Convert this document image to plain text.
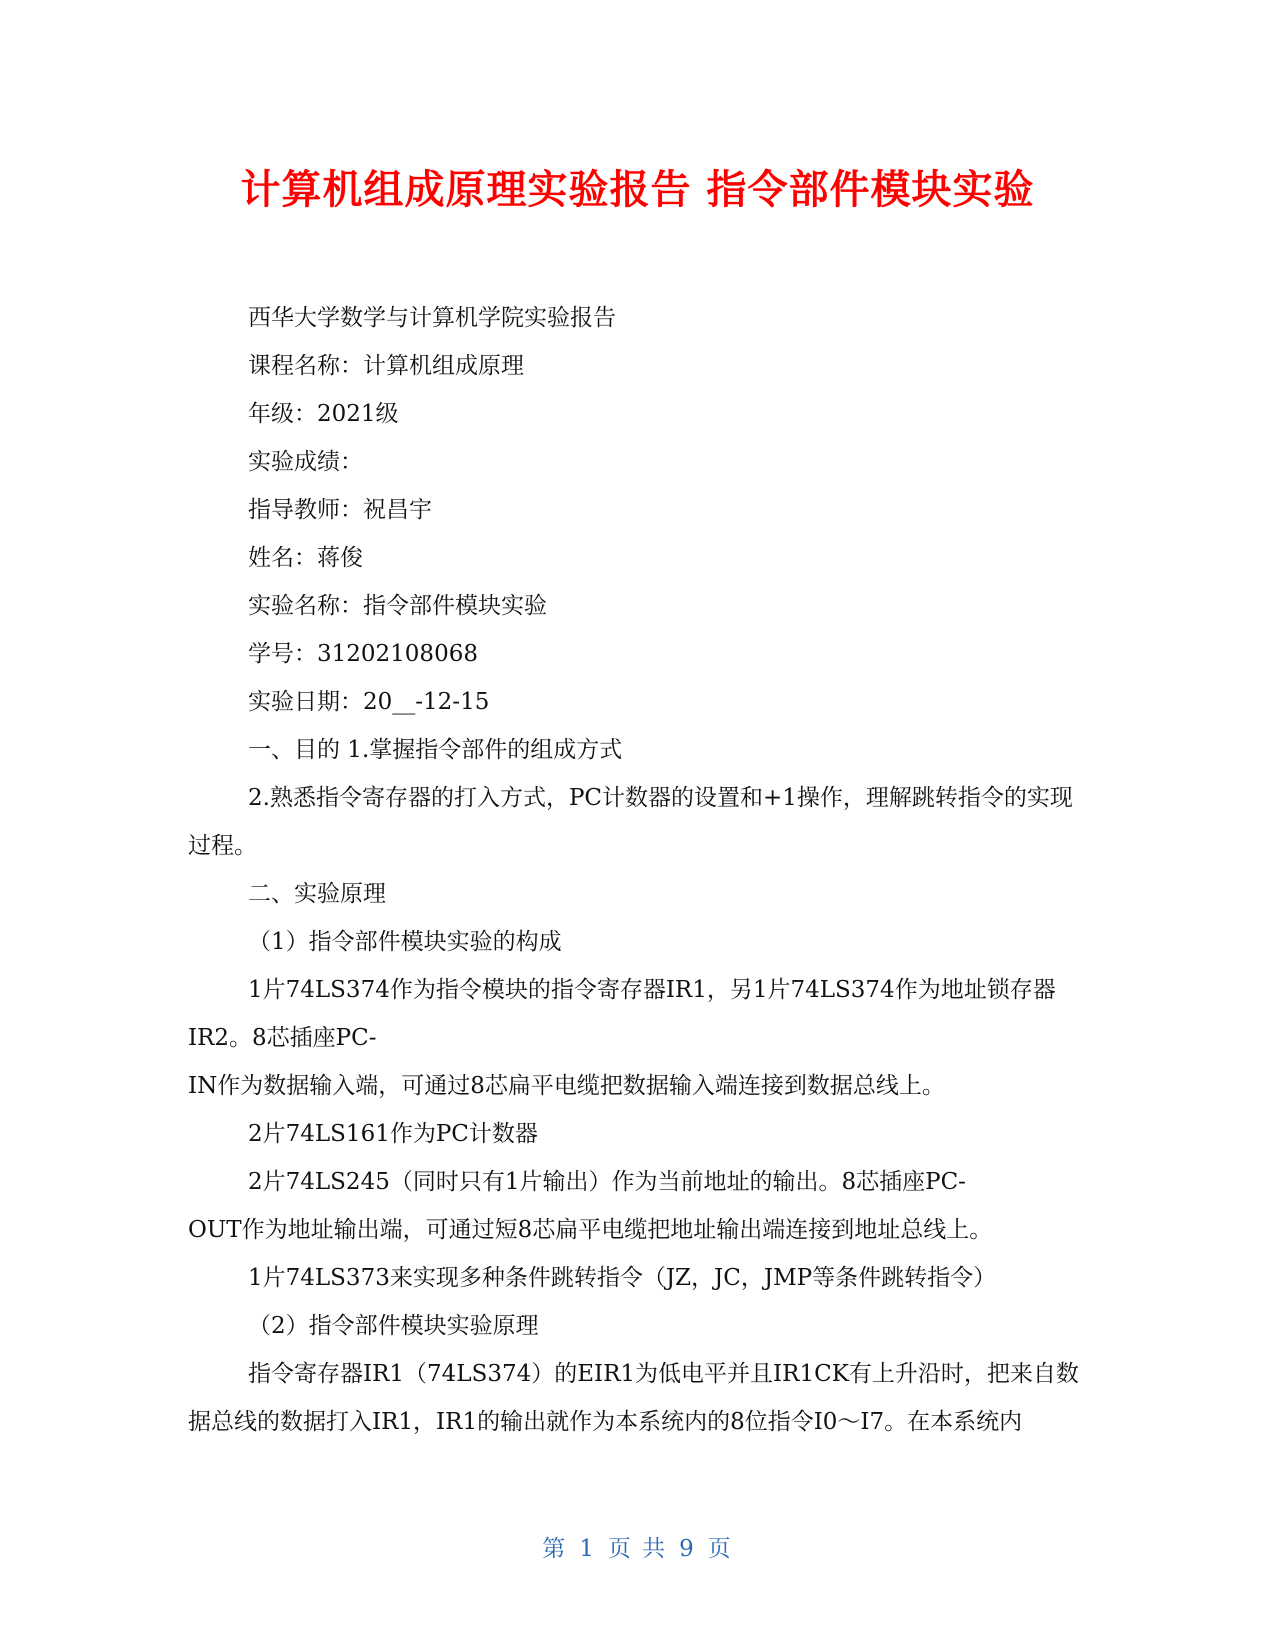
计算机组成原理实验报告 指令部件模块实验

西华大学数学与计算机学院实验报告

课程名称：计算机组成原理

年级：2021级

实验成绩：

指导教师：祝昌宇

姓名：蒋俊

实验名称：指令部件模块实验

学号：31202108068

实验日期：20__-12-15

一、目的 1.掌握指令部件的组成方式

2.熟悉指令寄存器的打入方式，PC计数器的设置和+1操作，理解跳转指令的实现过程。

二、实验原理

（1）指令部件模块实验的构成

1片74LS374作为指令模块的指令寄存器IR1，另1片74LS374作为地址锁存器IR2。8芯插座PC-

IN作为数据输入端，可通过8芯扁平电缆把数据输入端连接到数据总线上。

2片74LS161作为PC计数器

2片74LS245（同时只有1片输出）作为当前地址的输出。8芯插座PC-

OUT作为地址输出端，可通过短8芯扁平电缆把地址输出端连接到地址总线上。

1片74LS373来实现多种条件跳转指令（JZ，JC，JMP等条件跳转指令）

（2）指令部件模块实验原理

指令寄存器IR1（74LS374）的EIR1为低电平并且IR1CK有上升沿时，把来自数据总线的数据打入IR1，IR1的输出就作为本系统内的8位指令I0～I7。在本系统内

第 1 页 共 9 页
